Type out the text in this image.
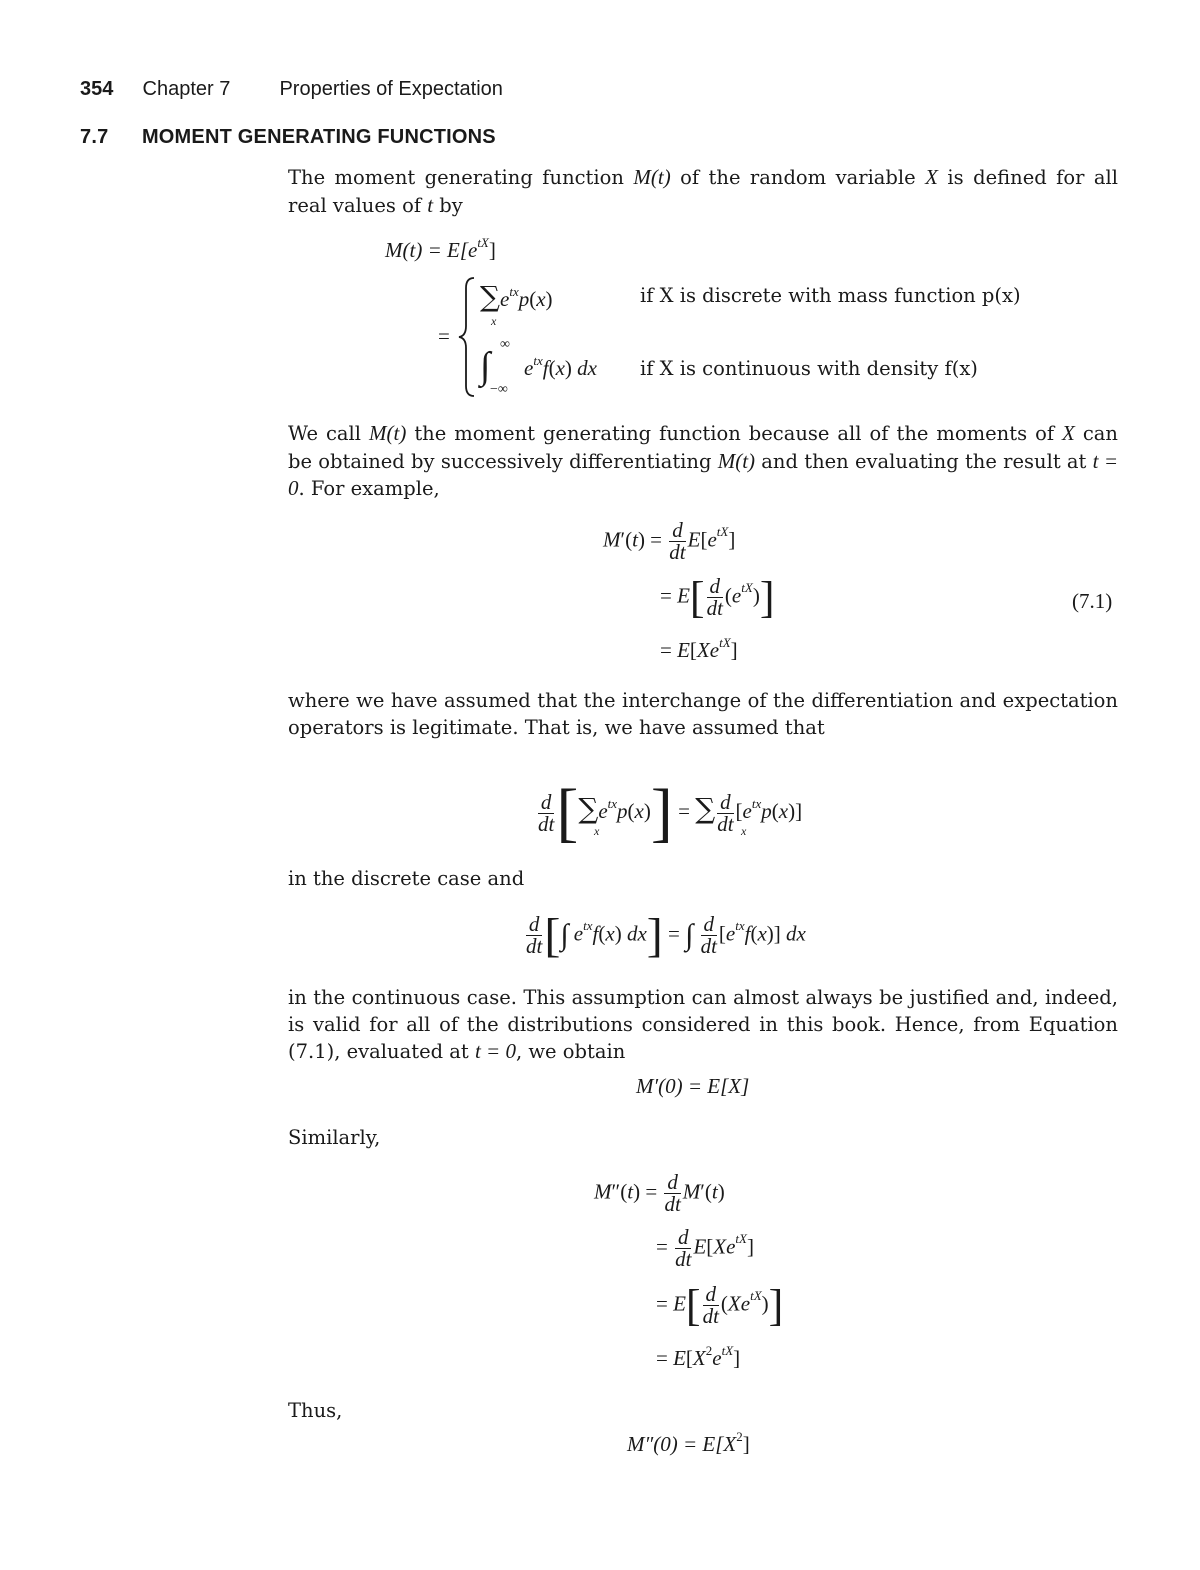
354 Chapter 7 Properties of Expectation
7.7 MOMENT GENERATING FUNCTIONS
The moment generating function M(t) of the random variable X is defined for all real values of t by
$M(t) = E[e^{tX}]$
=
$\sum e^{tx}p(x)$
x
if X is discrete with mass function p(x)
∞
∫ $e^{tx}f(x)$ dx
−∞
if X is continuous with density f(x)
We call M(t) the moment generating function because all of the moments of X can be obtained by successively differentiating M(t) and then evaluating the result at t = 0. For example,
$M'(t) = \frac{d}{dt} E[e^{tX}]$
= $E[ \frac{d}{dt} (e^{tX})]$	(7.1)
= $E[Xe^{tX}]$
where we have assumed that the interchange of the differentiation and expectation operators is legitimate. That is, we have assumed that
$\frac{d}{dt} [\sum e^{tx}p(x)]$ = ∑ $\frac{d}{dt} [e^{tx}p(x)]$
x	x
in the discrete case and
$\frac{d}{dt}$ [∫ $e^{tx}f(x) dx$] = ∫ $\frac{d}{dt} [e^{tx}f(x)]$ dx
in the continuous case. This assumption can almost always be justified and, indeed, is valid for all of the distributions considered in this book. Hence, from Equation (7.1), evaluated at t = 0, we obtain
M′(0) = E[X]
Similarly,
$M''(t) = \frac{d}{dt} M'(t)$
= $\frac{d}{dt} E[Xe^{tX}]$
= $E[ \frac{d}{dt} (Xe^{tX})]$
= $E[X^2e^{tX}]$
Thus,
$M''(0) = E[X^2]$
